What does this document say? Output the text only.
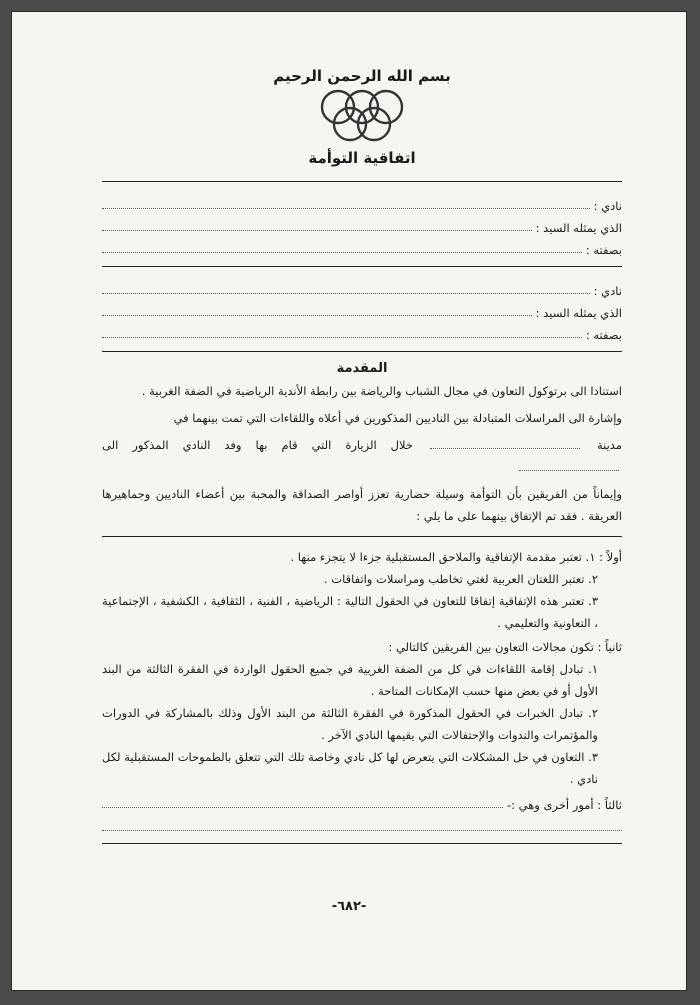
بسم الله الرحمن الرحيم
اتفاقية التوأمة
نادي :
الذي يمثله السيد :
بصفته :
نادي :
الذي يمثله السيد :
بصفته :
المقدمة

استنادا الى برتوكول التعاون في مجال الشباب والرياضة بين رابطة الأندية الرياضية في الضفة الغربية .

وإشارة الى المراسلات المتبادلة بين الناديين المذكورين في أعلاه واللقاءات التي تمت بينهما في

مدينة  خلال الزيارة التي قام بها وفد النادي المذكور الى

وإيماناً من الفريقين بأن التوأمة وسيلة حضارية تعزز أواصر الصداقة والمحبة بين أعضاء الناديين وجماهيرها العريقة . فقد تم الإتفاق بينهما على ما يلي :

أولاً : ١. تعتبر مقدمة الإتفاقية والملاحق المستقبلية جزءا لا يتجزء منها .
٢. تعتبر اللغتان العربية لغتي تخاطب ومراسلات واتفاقات .
٣. تعتبر هذه الإتفاقية إتفاقا للتعاون في الحقول التالية : الرياضية ، الفنية ، الثقافية ، الكشفية ، الإجتماعية ، التعاونية والتعليمي .
ثانياً : تكون مجالات التعاون بين الفريقين كالتالي :
١. تبادل إقامة اللقاءات في كل من الضفة الغربية في جميع الحقول الواردة في الفقرة الثالثة من البند الأول أو في بعض منها حسب الإمكانات المتاحة .
٢. تبادل الخبرات في الحقول المذكورة في الفقرة الثالثة من البند الأول وذلك بالمشاركة في الدورات والمؤتمرات والندوات والإحتفالات التي يقيمها النادي الآخر .
٣. التعاون في حل المشكلات التي يتعرض لها كل نادي وخاصة تلك التي تتعلق بالطموحات المستقبلية لكل نادي .
ثالثاً : أمور أخرى وهي :-
-٦٨٢-
